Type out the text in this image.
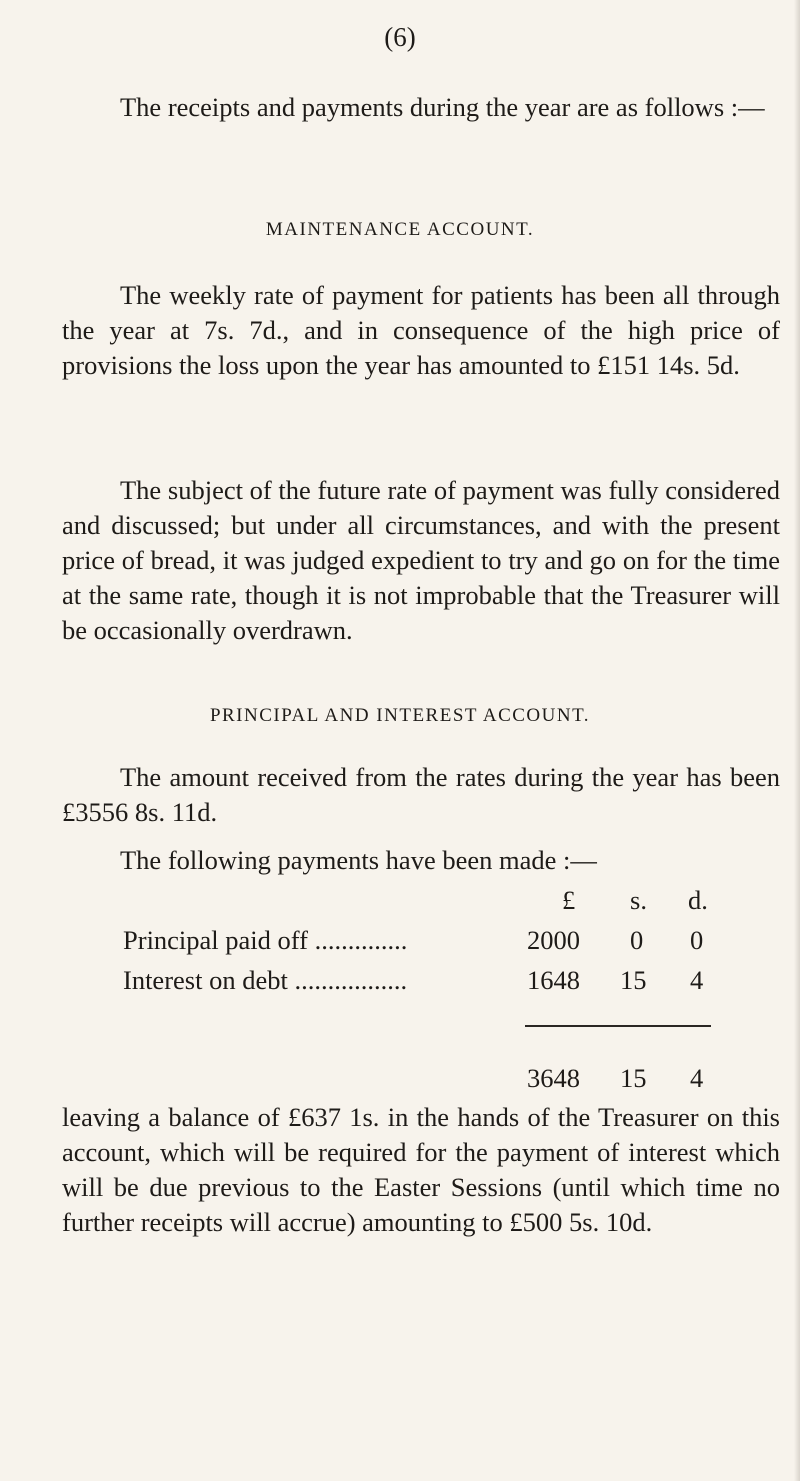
(6)

The receipts and payments during the year are as follows :—

MAINTENANCE ACCOUNT.

The weekly rate of payment for patients has been all through the year at 7s. 7d., and in consequence of the high price of provisions the loss upon the year has amounted to £151 14s. 5d.

The subject of the future rate of payment was fully considered and discussed; but under all circumstances, and with the present price of bread, it was judged expedient to try and go on for the time at the same rate, though it is not improbable that the Treasurer will be occasionally overdrawn.

PRINCIPAL AND INTEREST ACCOUNT.

The amount received from the rates during the year has been £3556 8s. 11d.

The following payments have been made :—

£ s. d.
Principal paid off ..............	2000 0 0
Interest on debt .................	1648 15 4
3648 15 4

leaving a balance of £637 1s. in the hands of the Treasurer on this account, which will be required for the payment of interest which will be due previous to the Easter Sessions (until which time no further receipts will accrue) amounting to £500 5s. 10d.
